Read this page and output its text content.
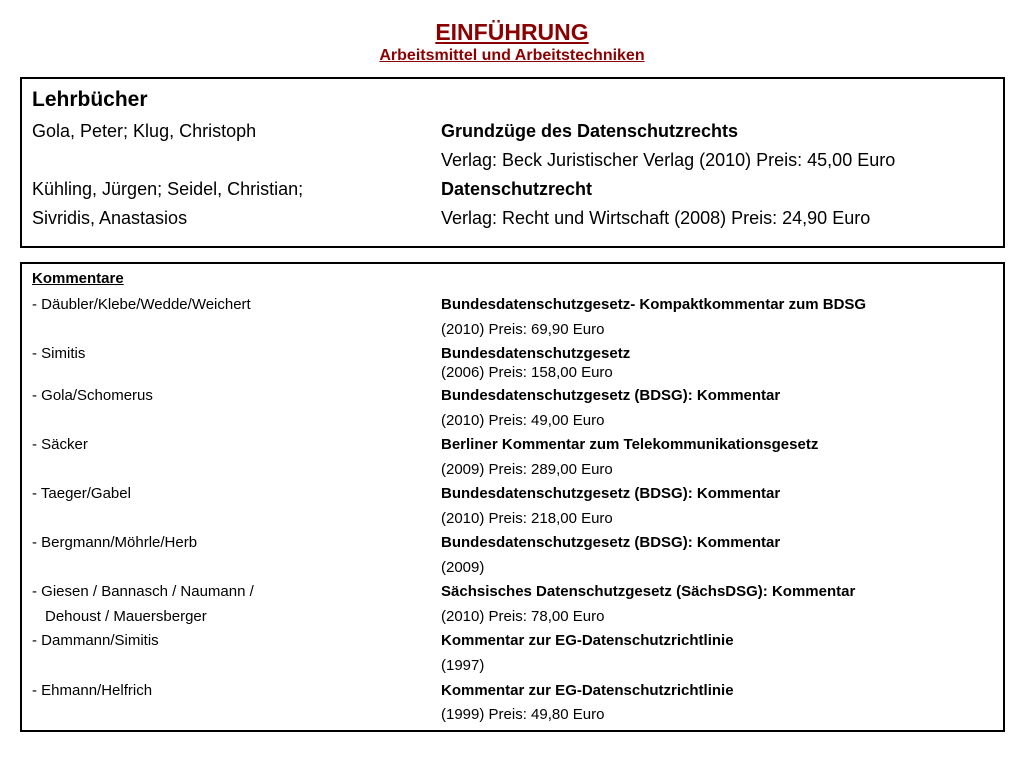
EINFÜHRUNG
Arbeitsmittel und Arbeitstechniken
Lehrbücher
Gola, Peter; Klug, Christoph	Grundzüge des Datenschutzrechts
Verlag: Beck Juristischer Verlag (2010) Preis: 45,00 Euro
Kühling, Jürgen; Seidel, Christian;	Datenschutzrecht
Sivridis, Anastasios	Verlag: Recht und Wirtschaft (2008) Preis: 24,90 Euro
Kommentare
- Däubler/Klebe/Wedde/Weichert	Bundesdatenschutzgesetz- Kompaktkommentar zum BDSG
(2010) Preis: 69,90 Euro
- Simitis	Bundesdatenschutzgesetz
(2006) Preis: 158,00 Euro
- Gola/Schomerus	Bundesdatenschutzgesetz (BDSG): Kommentar
(2010) Preis: 49,00 Euro
- Säcker	Berliner Kommentar zum Telekommunikationsgesetz
(2009) Preis: 289,00 Euro
- Taeger/Gabel	Bundesdatenschutzgesetz (BDSG): Kommentar
(2010) Preis: 218,00 Euro
- Bergmann/Möhrle/Herb	Bundesdatenschutzgesetz (BDSG): Kommentar
(2009)
- Giesen / Bannasch / Naumann /	Sächsisches Datenschutzgesetz (SächsDSG): Kommentar
Dehoust / Mauersberger	(2010) Preis: 78,00 Euro
- Dammann/Simitis	Kommentar zur EG-Datenschutzrichtlinie
(1997)
- Ehmann/Helfrich	Kommentar zur EG-Datenschutzrichtlinie
(1999) Preis: 49,80 Euro
